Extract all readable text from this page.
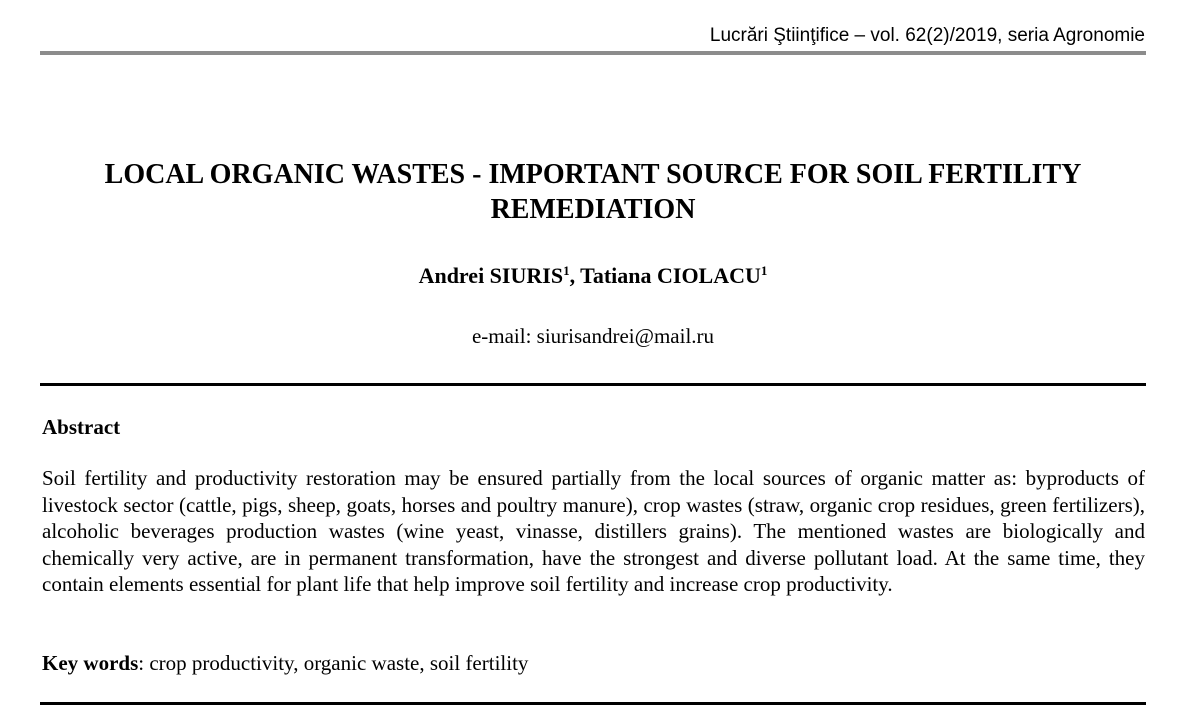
Lucrări Ştiinţifice – vol. 62(2)/2019, seria Agronomie
LOCAL ORGANIC WASTES - IMPORTANT SOURCE FOR SOIL FERTILITY REMEDIATION
Andrei SIURIS$^1$, Tatiana CIOLACU$^1$
e-mail: siurisandrei@mail.ru
Abstract

Soil fertility and productivity restoration may be ensured partially from the local sources of organic matter as: byproducts of livestock sector (cattle, pigs, sheep, goats, horses and poultry manure), crop wastes (straw, organic crop residues, green fertilizers), alcoholic beverages production wastes (wine yeast, vinasse, distillers grains). The mentioned wastes are biologically and chemically very active, are in permanent transformation, have the strongest and diverse pollutant load. At the same time, they contain elements essential for plant life that help improve soil fertility and increase crop productivity.

Key words: crop productivity, organic waste, soil fertility
